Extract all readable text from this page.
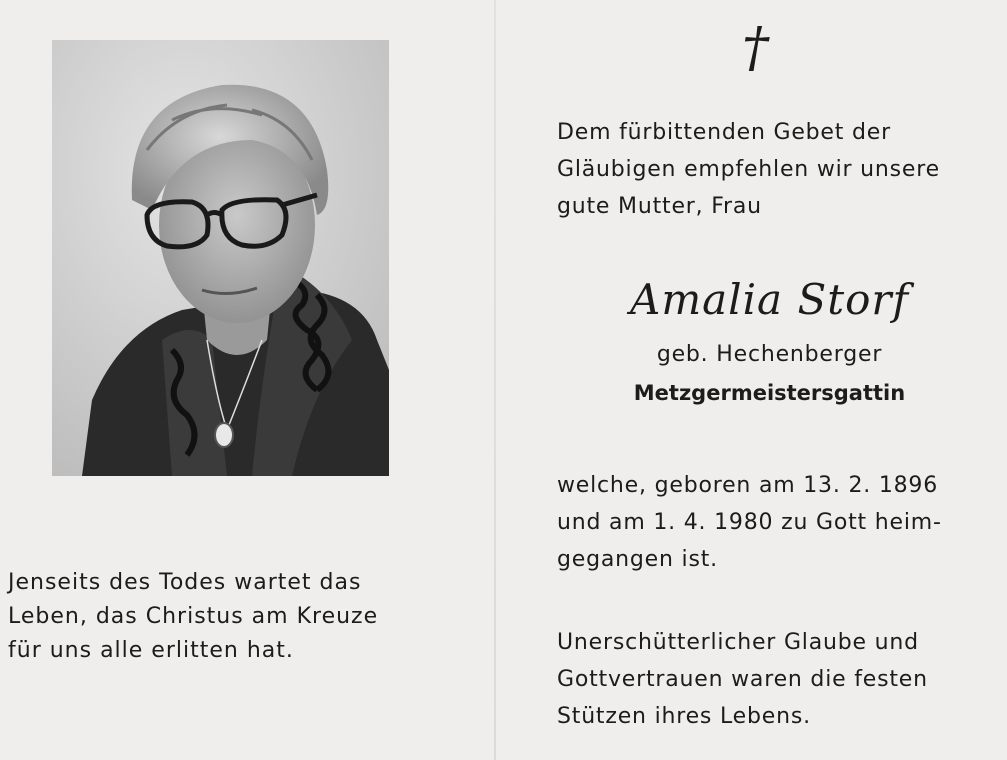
Jenseits des Todes wartet das
Leben, das Christus am Kreuze
für uns alle erlitten hat.
†
Dem fürbittenden Gebet der
Gläubigen empfehlen wir unsere
gute Mutter, Frau
Amalia Storf
geb. Hechenberger
Metzgermeistersgattin
welche, geboren am 13. 2. 1896
und am 1. 4. 1980 zu Gott heim-
gegangen ist.
Unerschütterlicher Glaube und
Gottvertrauen waren die festen
Stützen ihres Lebens.
